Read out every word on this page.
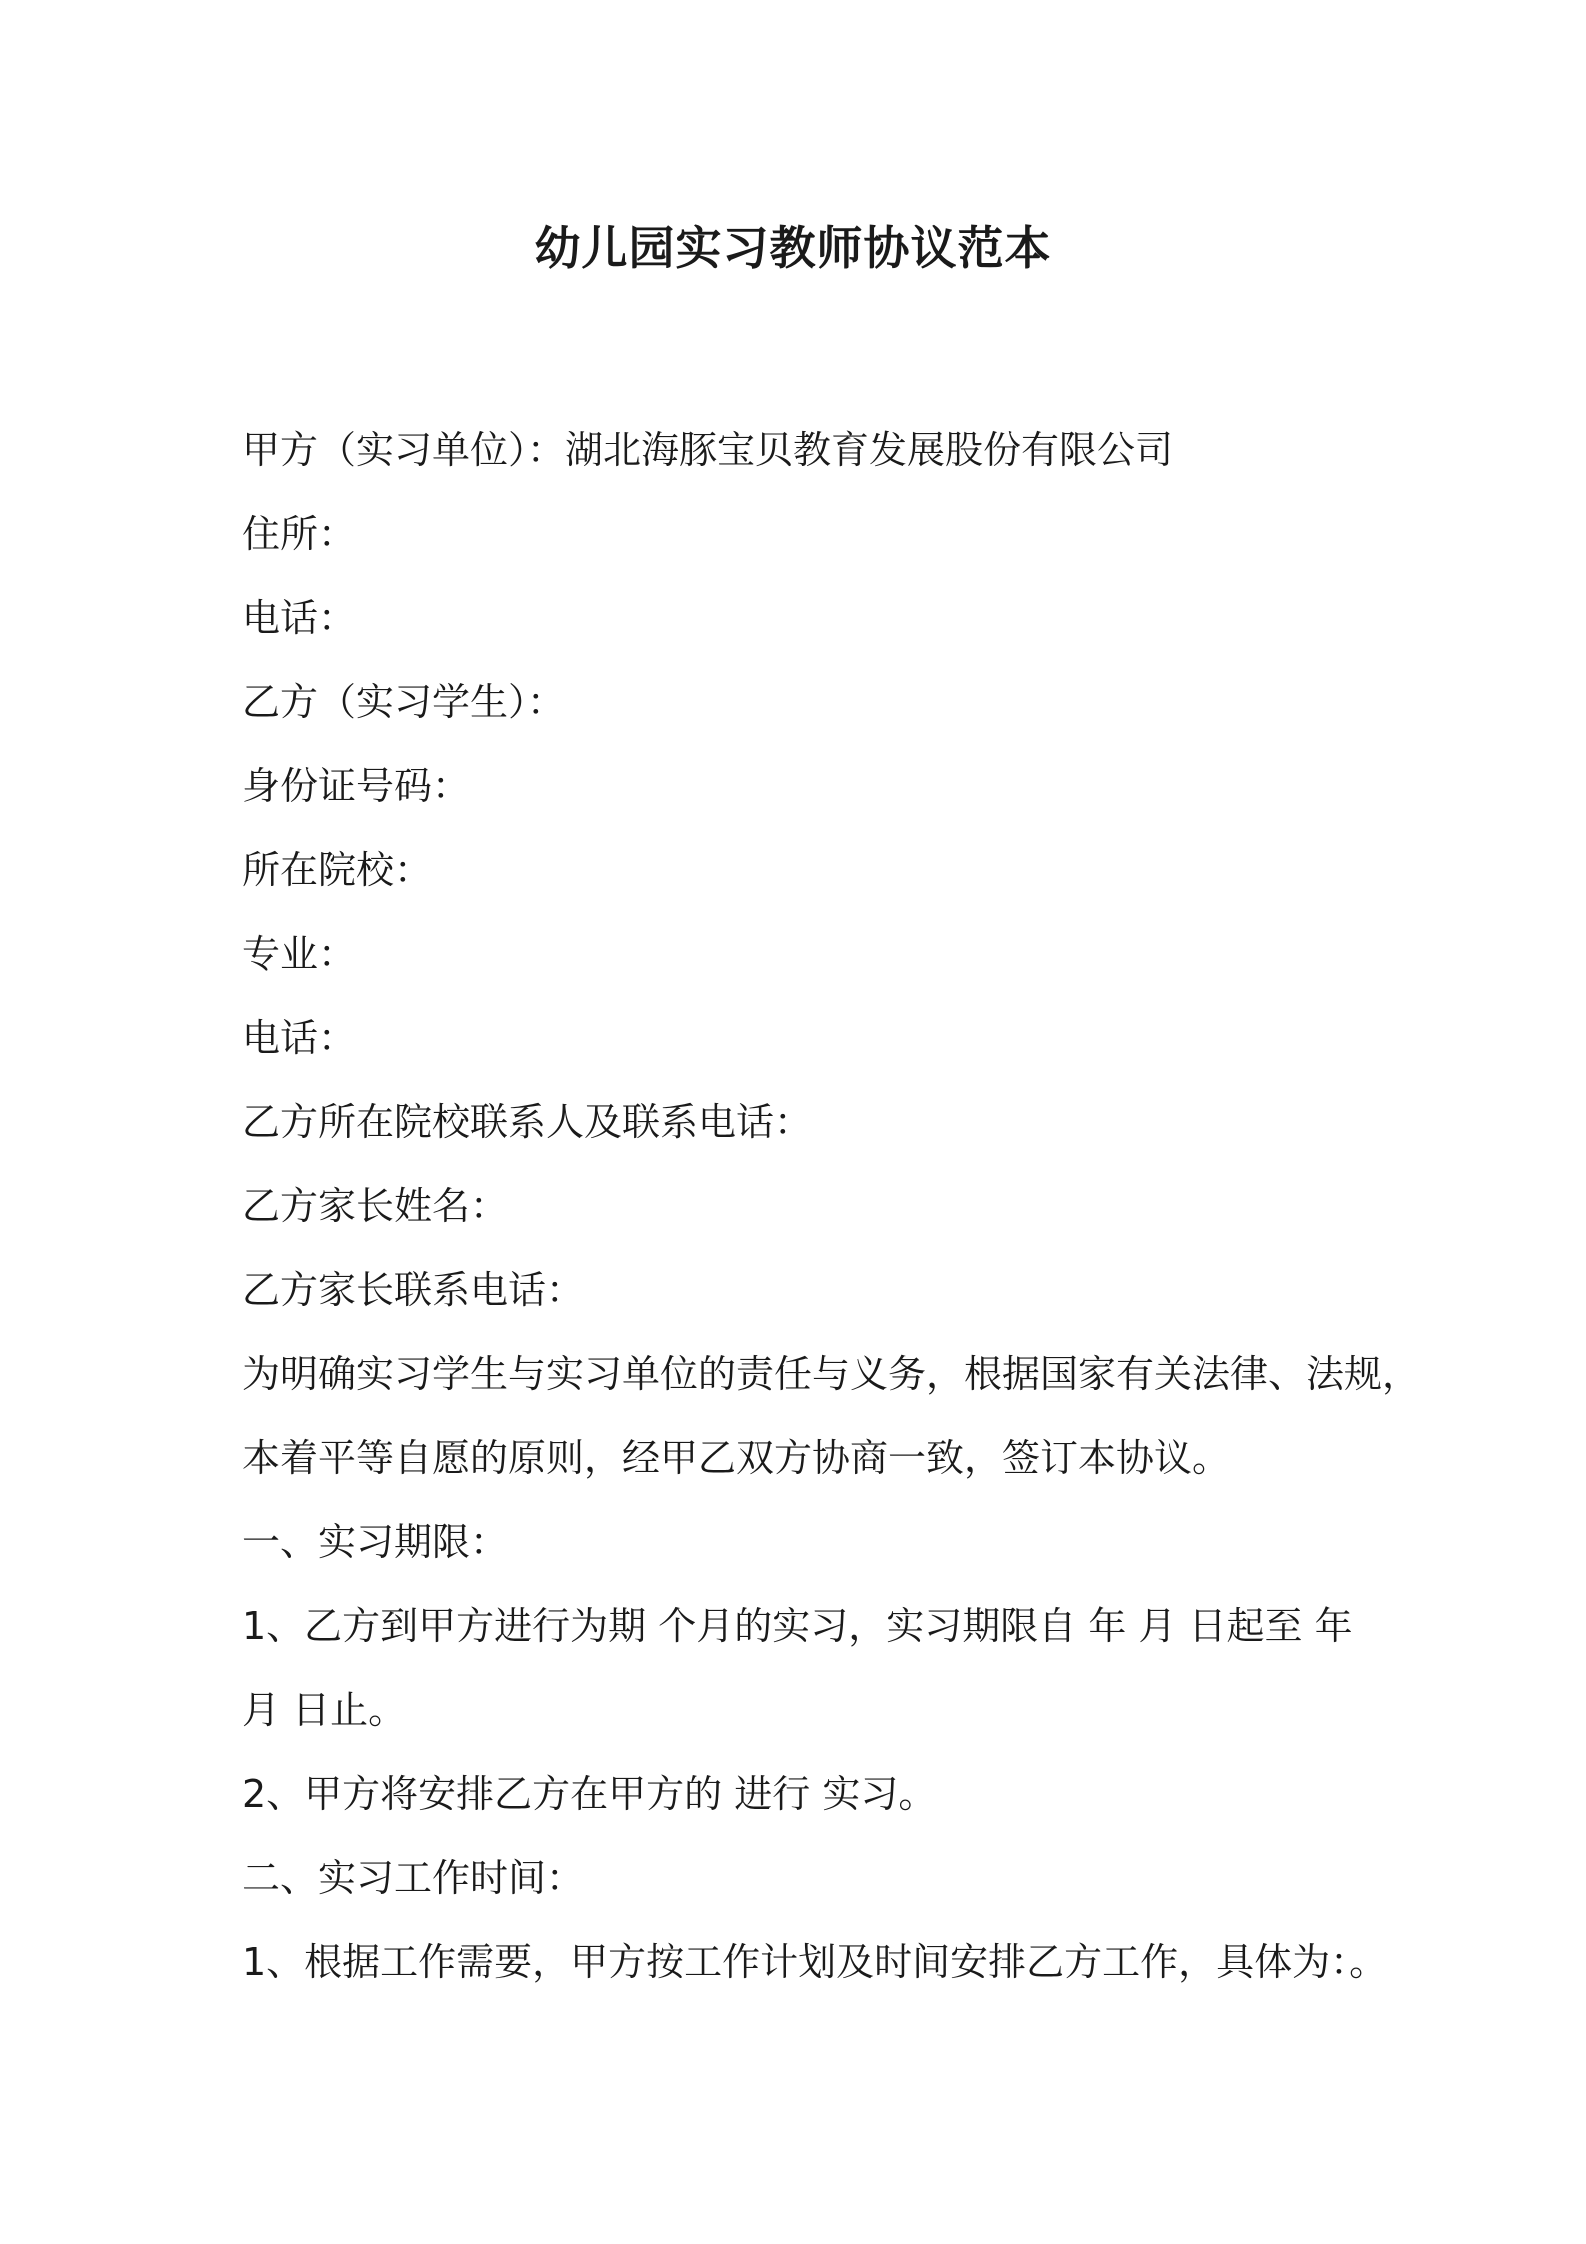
幼儿园实习教师协议范本

甲方（实习单位）：湖北海豚宝贝教育发展股份有限公司

住所：

电话：

乙方（实习学生）：

身份证号码：

所在院校：

专业：

电话：

乙方所在院校联系人及联系电话：

乙方家长姓名：

乙方家长联系电话：

为明确实习学生与实习单位的责任与义务，根据国家有关法律、法规，

本着平等自愿的原则，经甲乙双方协商一致，签订本协议。

一、实习期限：

1、乙方到甲方进行为期 个月的实习，实习期限自 年 月 日起至 年

月 日止。

2、甲方将安排乙方在甲方的 进行 实习。

二、实习工作时间：

1、根据工作需要，甲方按工作计划及时间安排乙方工作，具体为：。
